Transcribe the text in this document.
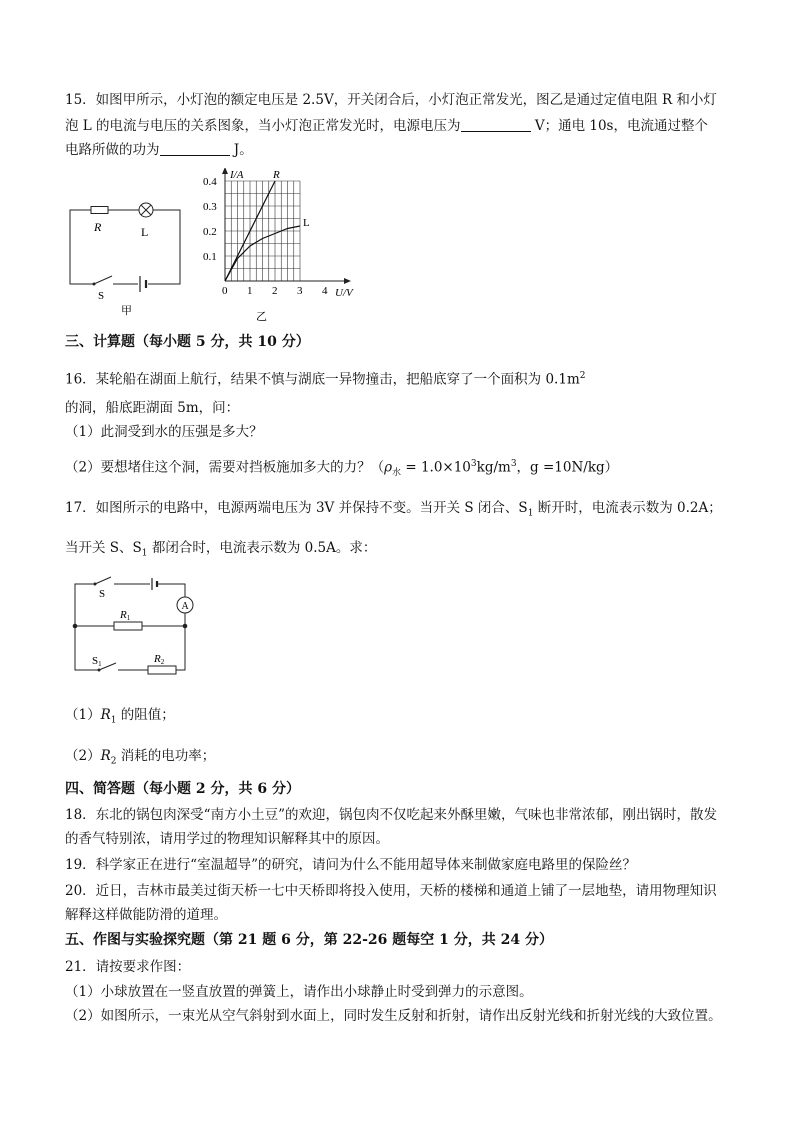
15．如图甲所示，小灯泡的额定电压是 2.5V，开关闭合后，小灯泡正常发光，图乙是通过定值电阻 R 和小灯
泡 L 的电流与电压的关系图象，当小灯泡正常发光时，电源电压为	V；通电 10s，电流通过整个
电路所做的功为	J。
R	L
S
甲
0 1 2 3 4
0.1
0.2
0.3
0.4
R
L
I/A
U/V
乙
三、计算题（每小题 5 分，共 10 分）
16．某轮船在湖面上航行，结果不慎与湖底一异物撞击，把船底穿了一个面积为 $0.1m^2$
的洞，船底距湖面 5m，问：
（1）此洞受到水的压强是多大？
（2）要想堵住这个洞，需要对挡板施加多大的力？（$\rho_水 = 1.0\times 10^3kg/m^3$，g =10N/kg）
17．如图所示的电路中，电源两端电压为 3V 并保持不变。当开关 S 闭合、$S_1$ 断开时，电流表示数为 0.2A；
当开关 S、$S_1$ 都闭合时，电流表示数为 0.5A。求：
A
S
R1
S1	R2
$(1)R_1$ 的阻值；
$(2)R_2$ 消耗的电功率；
四、简答题（每小题 2 分，共 6 分）
18．东北的锅包肉深受“南方小土豆”的欢迎，锅包肉不仅吃起来外酥里嫩，气味也非常浓郁，刚出锅时，散发
的香气特别浓，请用学过的物理知识解释其中的原因。
19．科学家正在进行“室温超导”的研究，请问为什么不能用超导体来制做家庭电路里的保险丝？
20．近日，吉林市最美过街天桥一七中天桥即将投入使用，天桥的楼梯和通道上铺了一层地垫，请用物理知识
解释这样做能防滑的道理。
五、作图与实验探究题（第 21 题 6 分，第 22-26 题每空 1 分，共 24 分）
21．请按要求作图：
（1）小球放置在一竖直放置的弹簧上，请作出小球静止时受到弹力的示意图。
（2）如图所示，一束光从空气斜射到水面上，同时发生反射和折射，请作出反射光线和折射光线的大致位置。
